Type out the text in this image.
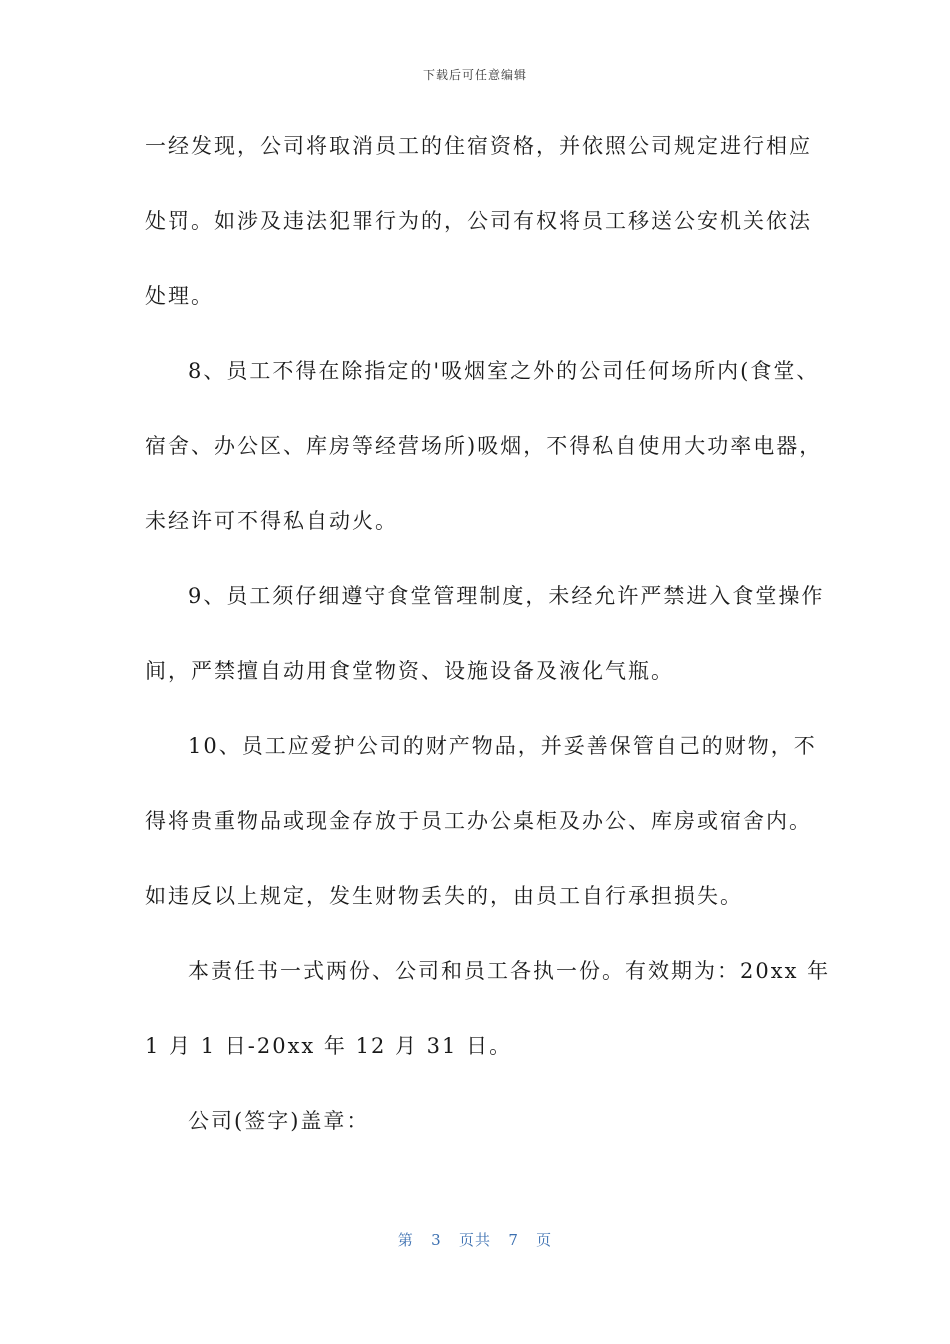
下载后可任意编辑
一经发现，公司将取消员工的住宿资格，并依照公司规定进行相应
处罚。如涉及违法犯罪行为的，公司有权将员工移送公安机关依法
处理。
8、员工不得在除指定的'吸烟室之外的公司任何场所内(食堂、
宿舍、办公区、库房等经营场所)吸烟，不得私自使用大功率电器，
未经许可不得私自动火。
9、员工须仔细遵守食堂管理制度，未经允许严禁进入食堂操作
间，严禁擅自动用食堂物资、设施设备及液化气瓶。
10、员工应爱护公司的财产物品，并妥善保管自己的财物，不
得将贵重物品或现金存放于员工办公桌柜及办公、库房或宿舍内。
如违反以上规定，发生财物丢失的，由员工自行承担损失。
本责任书一式两份、公司和员工各执一份。有效期为：20xx 年
1 月 1 日-20xx 年 12 月 31 日。
公司(签字)盖章：
第 3 页共 7 页
